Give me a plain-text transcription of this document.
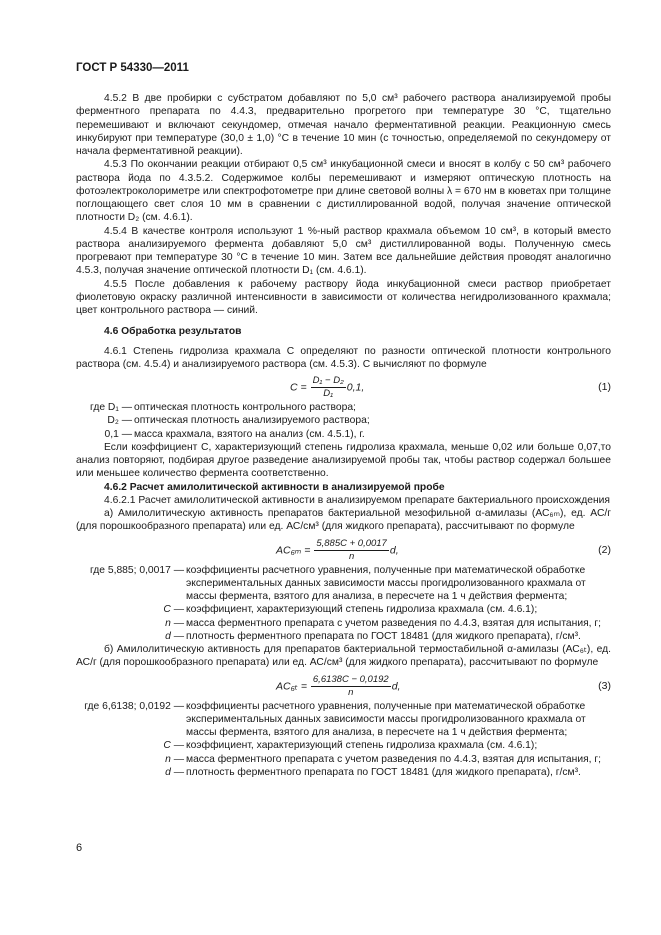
ГОСТ Р 54330—2011

4.5.2 В две пробирки с субстратом добавляют по 5,0 см³ рабочего раствора анализируемой пробы ферментного препарата по 4.4.3, предварительно прогретого при температуре 30 °С, тщательно перемешивают и включают секундомер, отмечая начало ферментативной реакции. Реакционную смесь инкубируют при температуре (30,0 ± 1,0) °С в течение 10 мин (с точностью, определяемой по секундомеру от начала ферментативной реакции).

4.5.3 По окончании реакции отбирают 0,5 см³ инкубационной смеси и вносят в колбу с 50 см³ рабочего раствора йода по 4.3.5.2. Содержимое колбы перемешивают и измеряют оптическую плотность на фотоэлектроколориметре или спектрофотометре при длине световой волны λ = 670 нм в кюветах при толщине поглощающего свет слоя 10 мм в сравнении с дистиллированной водой, получая значение оптической плотности D₂ (см. 4.6.1).

4.5.4 В качестве контроля используют 1 %-ный раствор крахмала объемом 10 см³, в который вместо раствора анализируемого фермента добавляют 5,0 см³ дистиллированной воды. Полученную смесь прогревают при температуре 30 °С в течение 10 мин. Затем все дальнейшие действия проводят аналогично 4.5.3, получая значение оптической плотности D₁ (см. 4.6.1).

4.5.5 После добавления к рабочему раствору йода инкубационной смеси раствор приобретает фиолетовую окраску различной интенсивности в зависимости от количества негидролизованного крахмала; цвет контрольного раствора — синий.

4.6 Обработка результатов

4.6.1 Степень гидролиза крахмала С определяют по разности оптической плотности контрольного раствора (см. 4.5.4) и анализируемого раствора (см. 4.5.3). С вычисляют по формуле

$C = \frac{\text{D₁ − D₂}}{\text{D₁}} 0,1$,	(1)
где D₁ — оптическая плотность контрольного раствора;
D₂ — оптическая плотность анализируемого раствора;
0,1 — масса крахмала, взятого на анализ (см. 4.5.1), г.

Если коэффициент С, характеризующий степень гидролиза крахмала, меньше 0,02 или больше 0,07,то анализ повторяют, подбирая другое разведение анализируемой пробы так, чтобы раствор содержал большее или меньшее количество фермента соответственно.

4.6.2 Расчет амилолитической активности в анализируемой пробе

4.6.2.1 Расчет амилолитической активности в анализируемом препарате бактериального происхождения

а) Амилолитическую активность препаратов бактериальной мезофильной α-амилазы (АС₆ₘ), ед. АС/г (для порошкообразного препарата) или ед. АС/см³ (для жидкого препарата), рассчитывают по формуле

$AC_{6m} = \frac{5,885C + 0,0017}{n} d$,	(2)
где 5,885; 0,0017 — коэффициенты расчетного уравнения, полученные при математической обработке экспериментальных данных зависимости массы прогидролизованного крахмала от массы фермента, взятого для анализа, в пересчете на 1 ч действия фермента;
C — коэффициент, характеризующий степень гидролиза крахмала (см. 4.6.1);
n — масса ферментного препарата с учетом разведения по 4.4.3, взятая для испытания, г;
d — плотность ферментного препарата по ГОСТ 18481 (для жидкого препарата), г/см³.

б) Амилолитическую активность для препаратов бактериальной термостабильной α-амилазы (АС₆ₜ), ед. АС/г (для порошкообразного препарата) или ед. АС/см³ (для жидкого препарата), рассчитывают по формуле

$AC_{6t} = \frac{6,6138C - 0,0192}{n} d$,	(3)
где 6,6138; 0,0192 — коэффициенты расчетного уравнения, полученные при математической обработке экспериментальных данных зависимости массы прогидролизованного крахмала от массы фермента, взятого для анализа, в пересчете на 1 ч действия фермента;
C — коэффициент, характеризующий степень гидролиза крахмала (см. 4.6.1);
n — масса ферментного препарата с учетом разведения по 4.4.3, взятая для испытания, г;
d — плотность ферментного препарата по ГОСТ 18481 (для жидкого препарата), г/см³.
6
